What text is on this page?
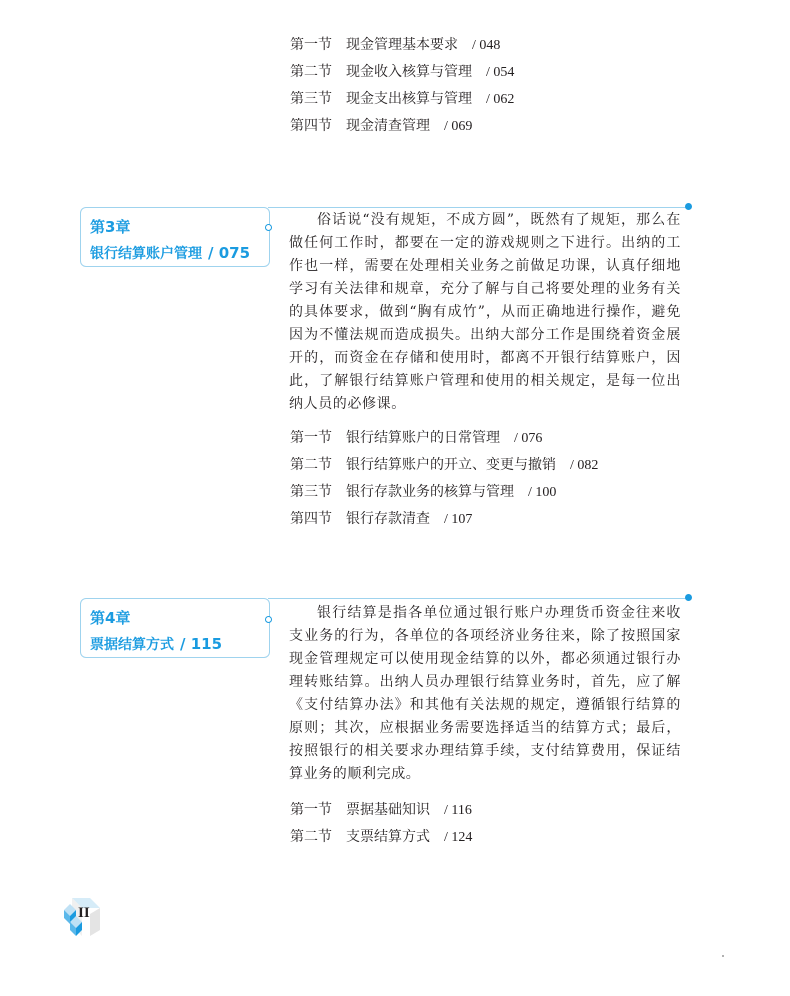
第一节 现金管理基本要求 / 048
第二节 现金收入核算与管理 / 054
第三节 现金支出核算与管理 / 062
第四节 现金清查管理 / 069
第3章
银行结算账户管理 / 075

俗话说“没有规矩，不成方圆”，既然有了规矩，那么在做任何工作时，都要在一定的游戏规则之下进行。出纳的工作也一样，需要在处理相关业务之前做足功课，认真仔细地学习有关法律和规章，充分了解与自己将要处理的业务有关的具体要求，做到“胸有成竹”，从而正确地进行操作，避免因为不懂法规而造成损失。出纳大部分工作是围绕着资金展开的，而资金在存储和使用时，都离不开银行结算账户，因此，了解银行结算账户管理和使用的相关规定，是每一位出纳人员的必修课。

第一节 银行结算账户的日常管理 / 076
第二节 银行结算账户的开立、变更与撤销 / 082
第三节 银行存款业务的核算与管理 / 100
第四节 银行存款清查 / 107
第4章
票据结算方式 / 115

银行结算是指各单位通过银行账户办理货币资金往来收支业务的行为，各单位的各项经济业务往来，除了按照国家现金管理规定可以使用现金结算的以外，都必须通过银行办理转账结算。出纳人员办理银行结算业务时，首先，应了解《支付结算办法》和其他有关法规的规定，遵循银行结算的原则；其次，应根据业务需要选择适当的结算方式；最后，按照银行的相关要求办理结算手续，支付结算费用，保证结算业务的顺利完成。

第一节 票据基础知识 / 116
第二节 支票结算方式 / 124
II
